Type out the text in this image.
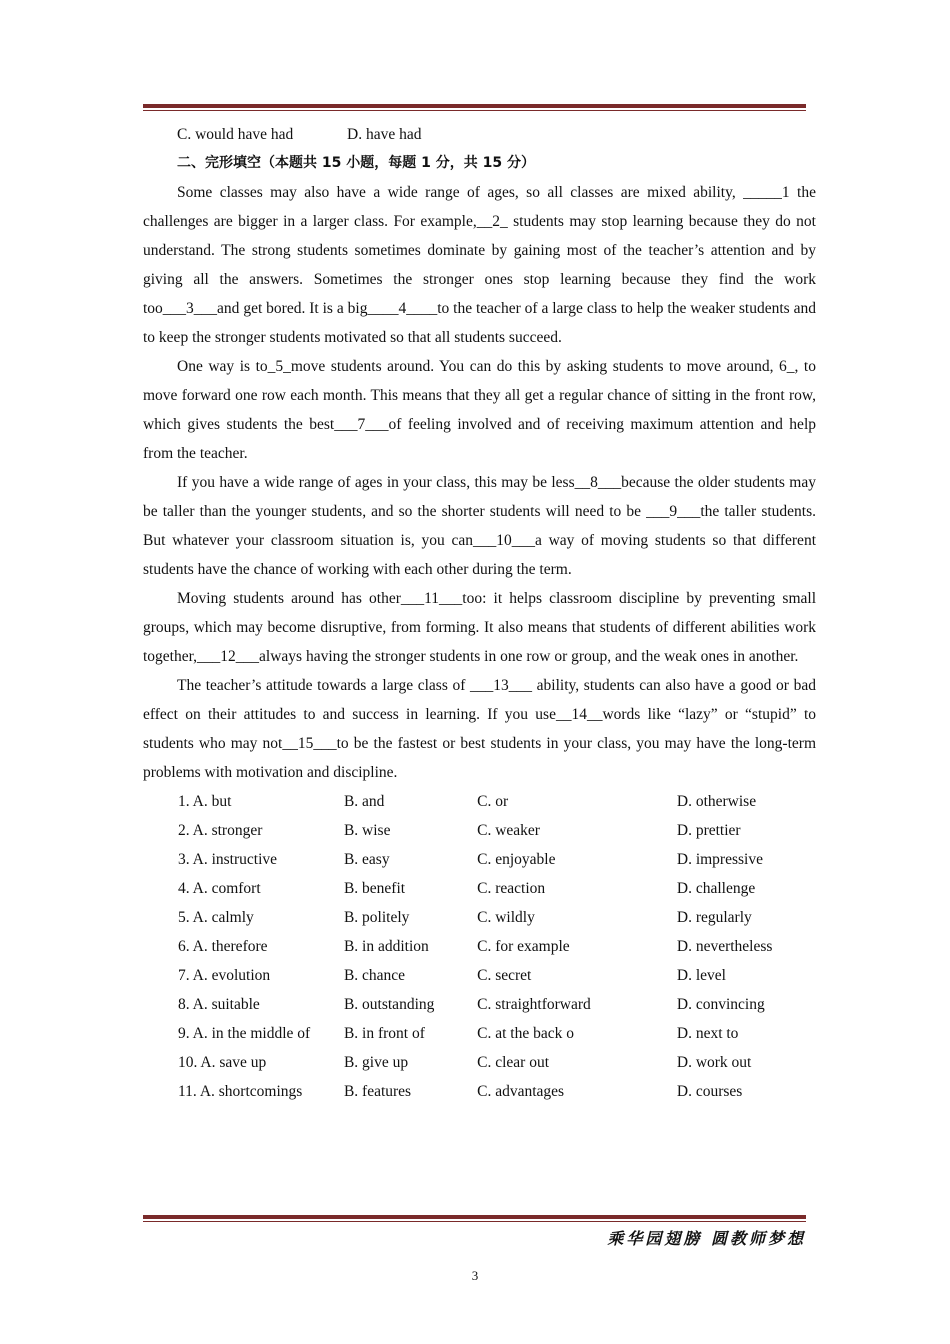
C. would have had	D. have had
二、完形填空（本题共 15 小题，每题 1 分，共 15 分）

Some classes may also have a wide range of ages, so all classes are mixed ability, _____1 the challenges are bigger in a larger class. For example,__2_ students may stop learning because they do not understand. The strong students sometimes dominate by gaining most of the teacher’s attention and by giving all the answers. Sometimes the stronger ones stop learning because they find the work too___3___and get bored. It is a big____4____to the teacher of a large class to help the weaker students and to keep the stronger students motivated so that all students succeed.

One way is to_5_move students around. You can do this by asking students to move around, 6_, to move forward one row each month. This means that they all get a regular chance of sitting in the front row, which gives students the best___7___of feeling involved and of receiving maximum attention and help from the teacher.

If you have a wide range of ages in your class, this may be less__8___because the older students may be taller than the younger students, and so the shorter students will need to be ___9___the taller students. But whatever your classroom situation is, you can___10___a way of moving students so that different students have the chance of working with each other during the term.

Moving students around has other___11___too: it helps classroom discipline by preventing small groups, which may become disruptive, from forming. It also means that students of different abilities work together,___12___always having the stronger students in one row or group, and the weak ones in another.

The teacher’s attitude towards a large class of ___13___ ability, students can also have a good or bad effect on their attitudes to and success in learning. If you use__14__words like “lazy” or “stupid” to students who may not__15___to be the fastest or best students in your class, you may have the long-term problems with motivation and discipline.

1. A. but	B. and	C. or	D. otherwise
2. A. stronger	B. wise	C. weaker	D. prettier
3. A. instructive	B. easy	C. enjoyable	D. impressive
4. A. comfort	B. benefit	C. reaction	D. challenge
5. A. calmly	B. politely	C. wildly	D. regularly
6. A. therefore	B. in addition	C. for example	D. nevertheless
7. A. evolution	B. chance	C. secret	D. level
8. A. suitable	B. outstanding	C. straightforward	D. convincing
9. A. in the middle of	B. in front of	C. at the back o	D. next to
10. A. save up	B. give up	C. clear out	D. work out
11. A. shortcomings	B. features	C. advantages	D. courses
乘华园翅膀 圆教师梦想
3
